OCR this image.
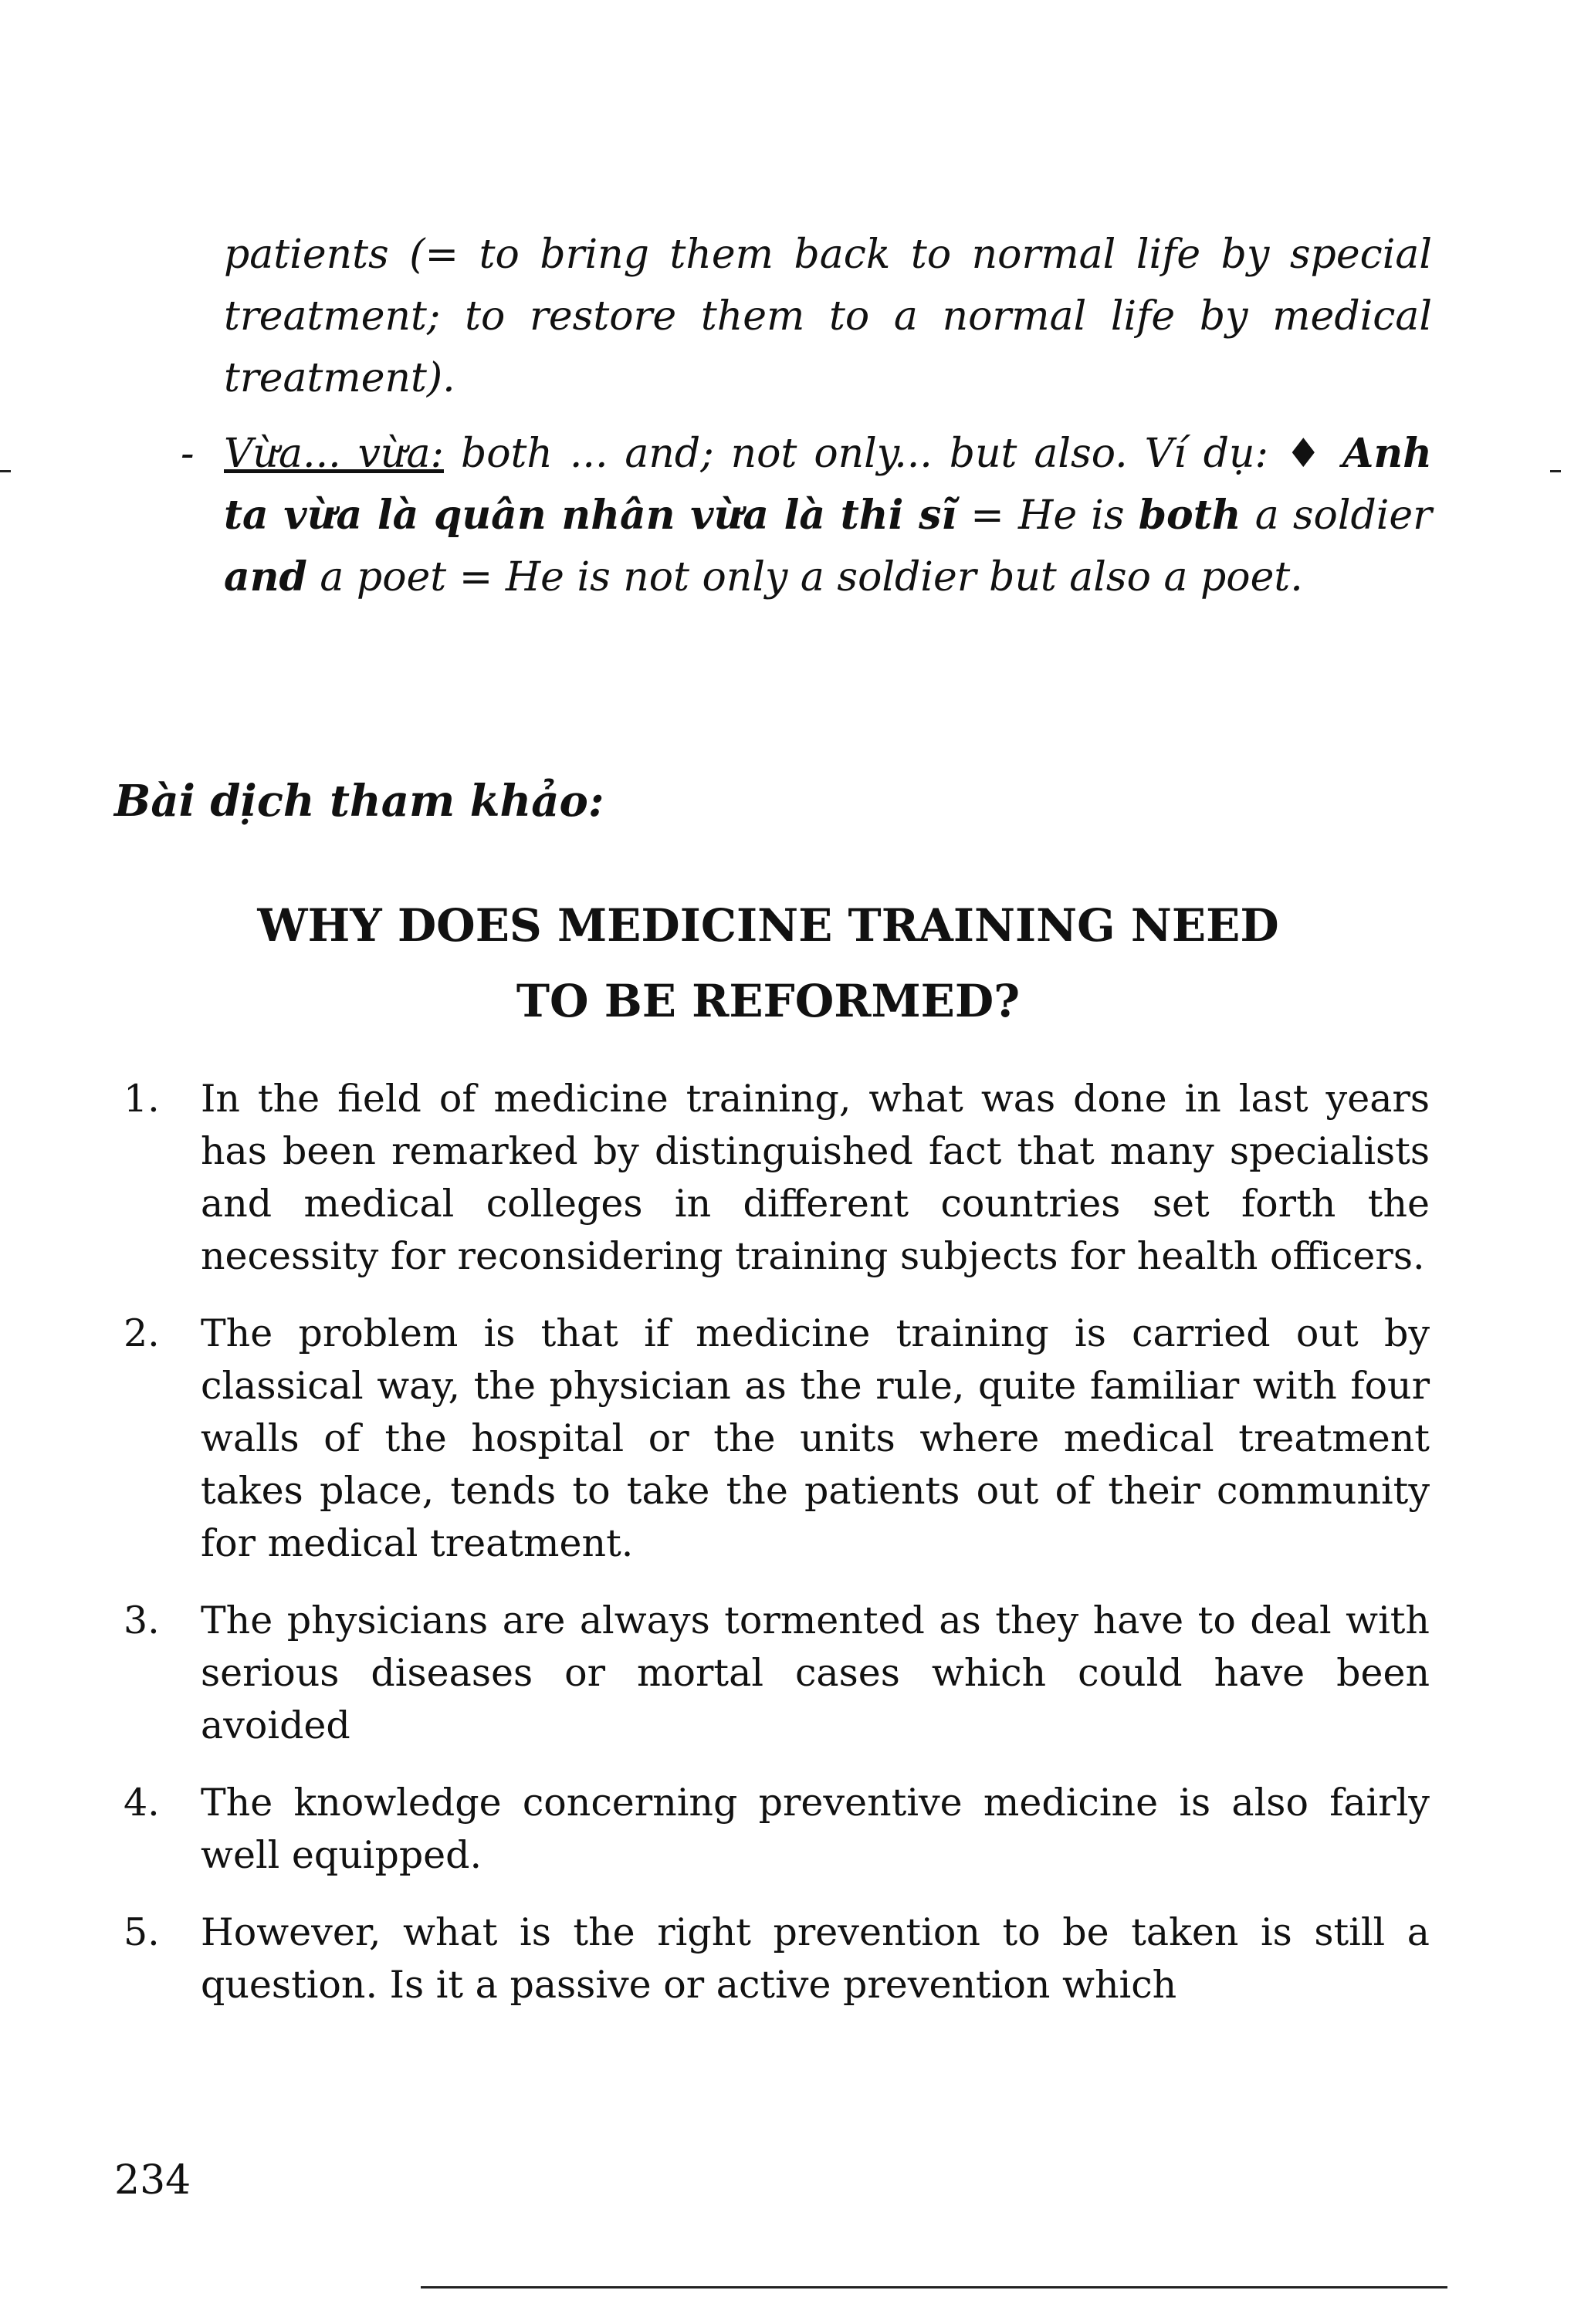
patients (= to bring them back to normal life by special treatment; to restore them to a normal life by medical treatment).

- Vừa... vừa: both ... and; not only... but also. Ví dụ: ♦ Anh ta vừa là quân nhân vừa là thi sĩ = He is both a soldier and a poet = He is not only a soldier but also a poet.

Bài dịch tham khảo:
WHY DOES MEDICINE TRAINING NEED
TO BE REFORMED?
1.	In the field of medicine training, what was done in last years has been remarked by distinguished fact that many specialists and medical colleges in different countries set forth the necessity for reconsidering training subjects for health officers.

2.	The problem is that if medicine training is carried out by classical way, the physician as the rule, quite familiar with four walls of the hospital or the units where medical treatment takes place, tends to take the patients out of their community for medical treatment.

3.	The physicians are always tormented as they have to deal with serious diseases or mortal cases which could have been avoided

4.	The knowledge concerning preventive medicine is also fairly well equipped.

5.	However, what is the right prevention to be taken is still a question. Is it a passive or active prevention which

234
